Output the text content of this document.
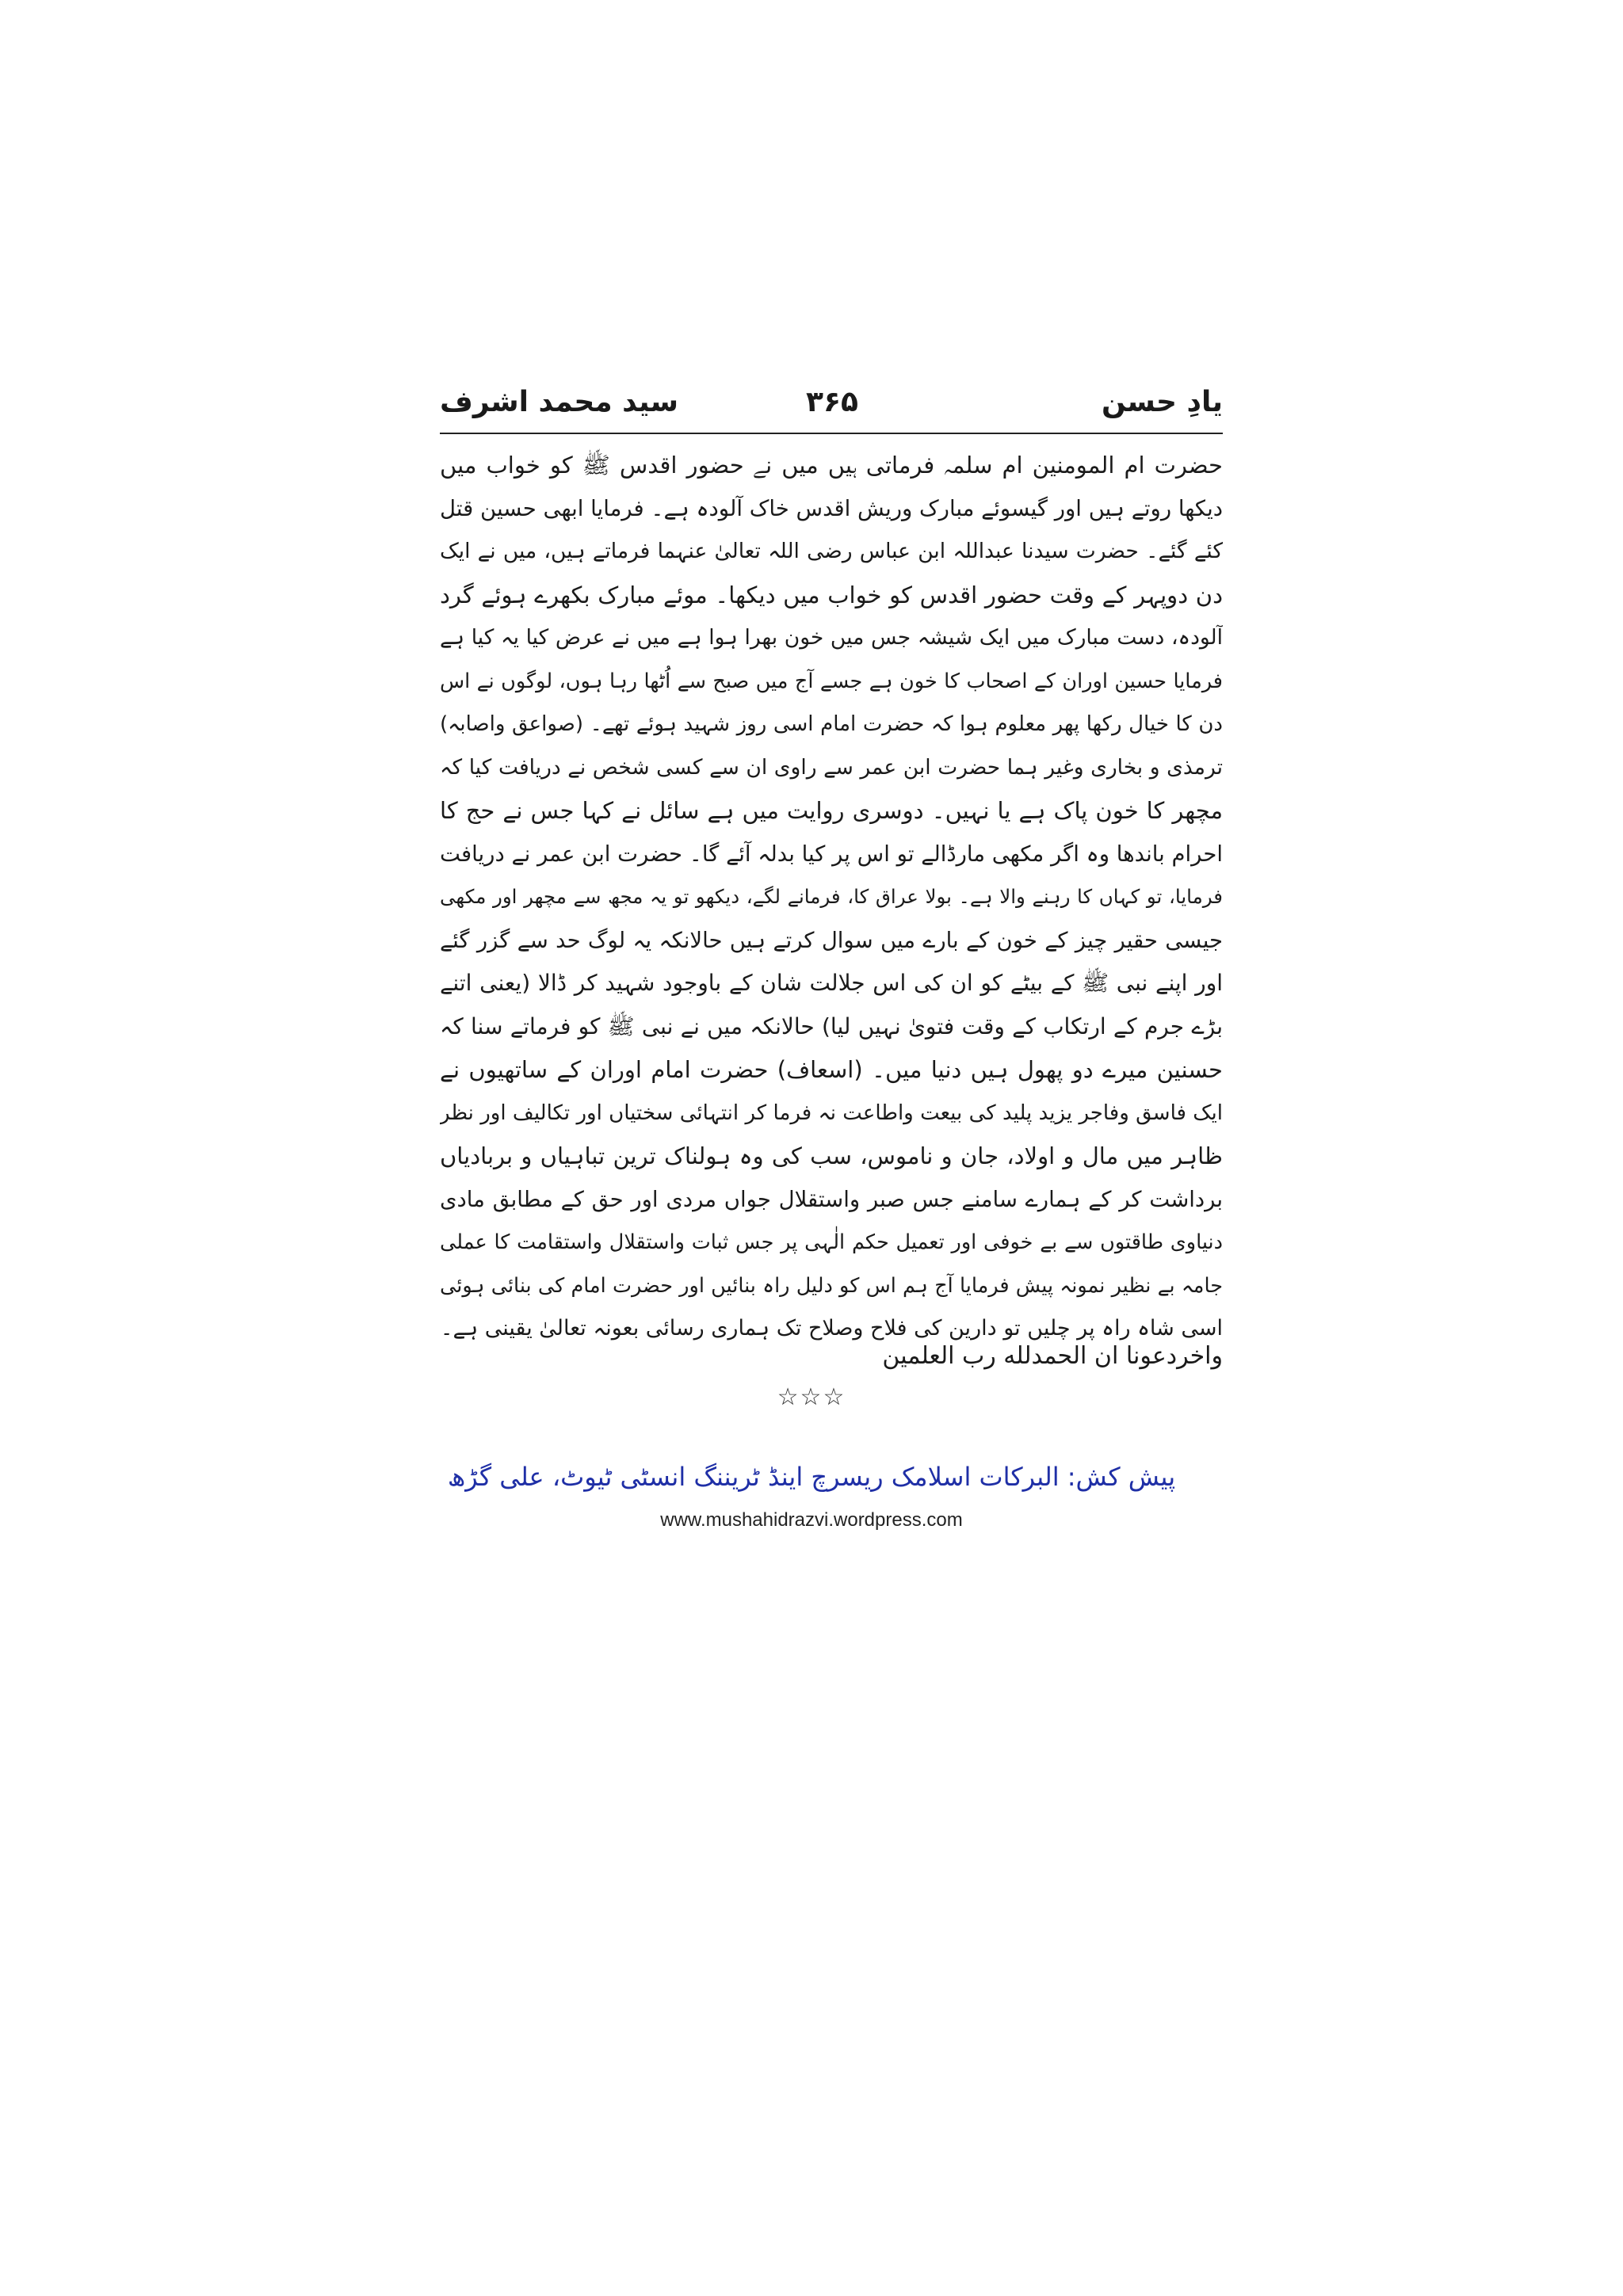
یادِ حسن
۳۶۵
سید محمد اشرف
حضرت ام المومنین ام سلمہ فرماتی ہیں میں نے حضور اقدس ﷺ کو خواب میں
دیکھا روتے ہیں اور گیسوئے مبارک وریش اقدس خاک آلودہ ہے۔ فرمایا ابھی حسین قتل
کئے گئے۔ حضرت سیدنا عبداللہ ابن عباس رضی اللہ تعالیٰ عنہما فرماتے ہیں، میں نے ایک
دن دوپہر کے وقت حضور اقدس کو خواب میں دیکھا۔ موئے مبارک بکھرے ہوئے گرد
آلودہ، دست مبارک میں ایک شیشہ جس میں خون بھرا ہوا ہے میں نے عرض کیا یہ کیا ہے
فرمایا حسین اوران کے اصحاب کا خون ہے جسے آج میں صبح سے اُٹھا رہا ہوں، لوگوں نے اس
دن کا خیال رکھا پھر معلوم ہوا کہ حضرت امام اسی روز شہید ہوئے تھے۔ (صواعق واصابہ)
ترمذی و بخاری وغیر ہما حضرت ابن عمر سے راوی ان سے کسی شخص نے دریافت کیا کہ
مچھر کا خون پاک ہے یا نہیں۔ دوسری روایت میں ہے سائل نے کہا جس نے حج کا
احرام باندھا وہ اگر مکھی مارڈالے تو اس پر کیا بدلہ آئے گا۔ حضرت ابن عمر نے دریافت
فرمایا، تو کہاں کا رہنے والا ہے۔ بولا عراق کا، فرمانے لگے، دیکھو تو یہ مجھ سے مچھر اور مکھی
جیسی حقیر چیز کے خون کے بارے میں سوال کرتے ہیں حالانکہ یہ لوگ حد سے گزر گئے
اور اپنے نبی ﷺ کے بیٹے کو ان کی اس جلالت شان کے باوجود شہید کر ڈالا (یعنی اتنے
بڑے جرم کے ارتکاب کے وقت فتویٰ نہیں لیا) حالانکہ میں نے نبی ﷺ کو فرماتے سنا کہ
حسنین میرے دو پھول ہیں دنیا میں۔ (اسعاف) حضرت امام اوران کے ساتھیوں نے
ایک فاسق وفاجر یزید پلید کی بیعت واطاعت نہ فرما کر انتہائی سختیاں اور تکالیف اور نظر
ظاہر میں مال و اولاد، جان و ناموس، سب کی وہ ہولناک ترین تباہیاں و بربادیاں
برداشت کر کے ہمارے سامنے جس صبر واستقلال جواں مردی اور حق کے مطابق مادی
دنیاوی طاقتوں سے بے خوفی اور تعمیل حکم الٰہی پر جس ثبات واستقلال واستقامت کا عملی
جامہ بے نظیر نمونہ پیش فرمایا آج ہم اس کو دلیل راہ بنائیں اور حضرت امام کی بنائی ہوئی
اسی شاہ راہ پر چلیں تو دارین کی فلاح وصلاح تک ہماری رسائی بعونہ تعالیٰ یقینی ہے۔
واخردعونا ان الحمدلله رب العلمين
☆☆☆
پیش کش: البرکات اسلامک ریسرچ اینڈ ٹریننگ انسٹی ٹیوٹ، علی گڑھ
www.mushahidrazvi.wordpress.com
